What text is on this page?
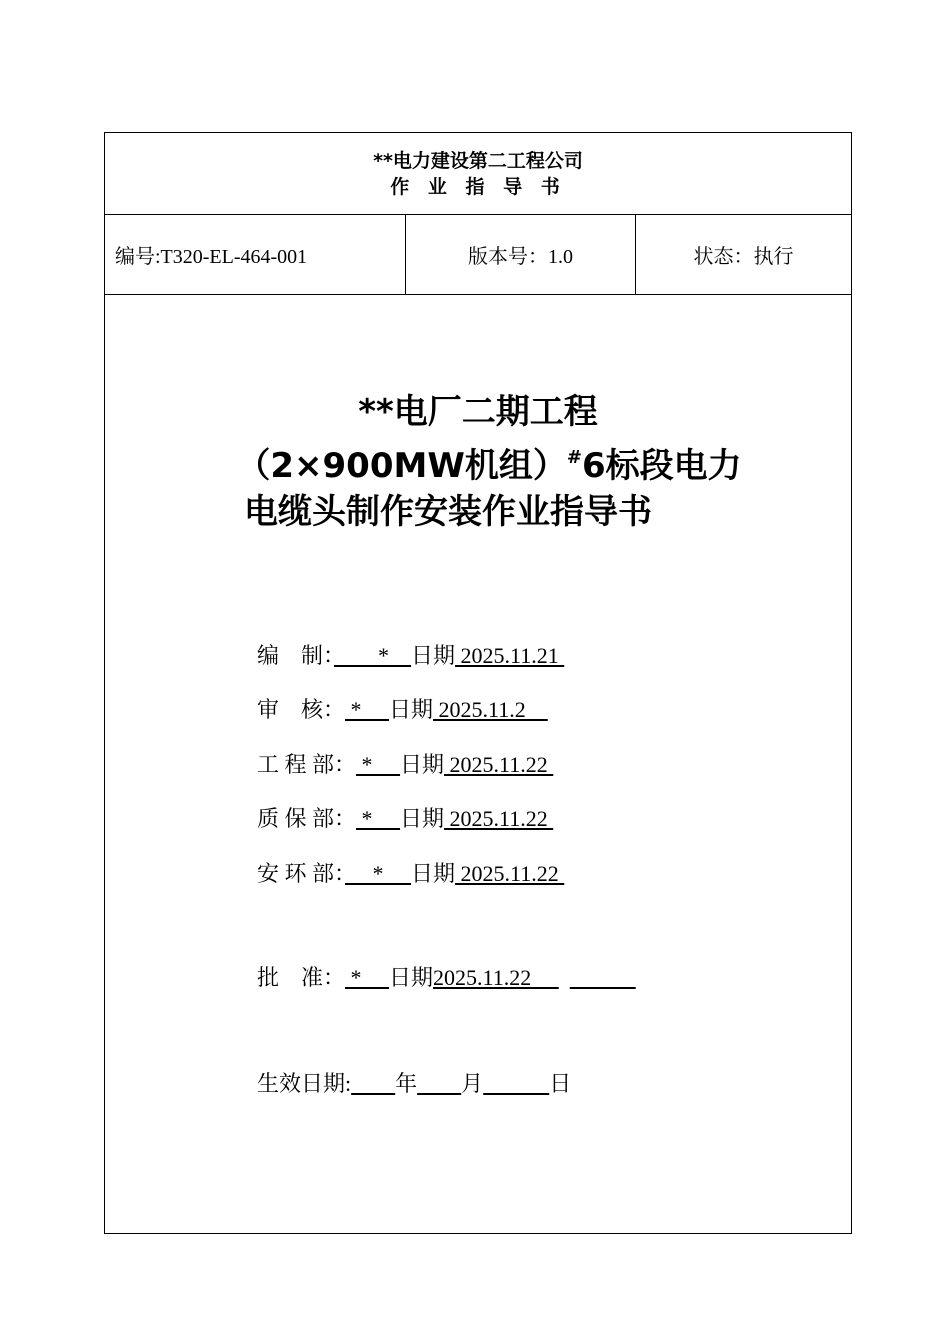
**电力建设第二工程公司
作 业 指 导 书
编号:T320-EL-464-001	版本号：1.0	状态：执行
**电厂二期工程
（2×900MW机组）#6标段电力
电缆头制作安装作业指导书
编　制：　　*　日期 2025.11.21
审　核： *　 日期 2025.11.2　
工 程 部： *　 日期 2025.11.22
质 保 部： *　 日期 2025.11.22
安 环 部：　 *　 日期 2025.11.22
批　准： *　 日期2025.11.22　   　　　
生效日期:　　 年　　 月　　　	日
